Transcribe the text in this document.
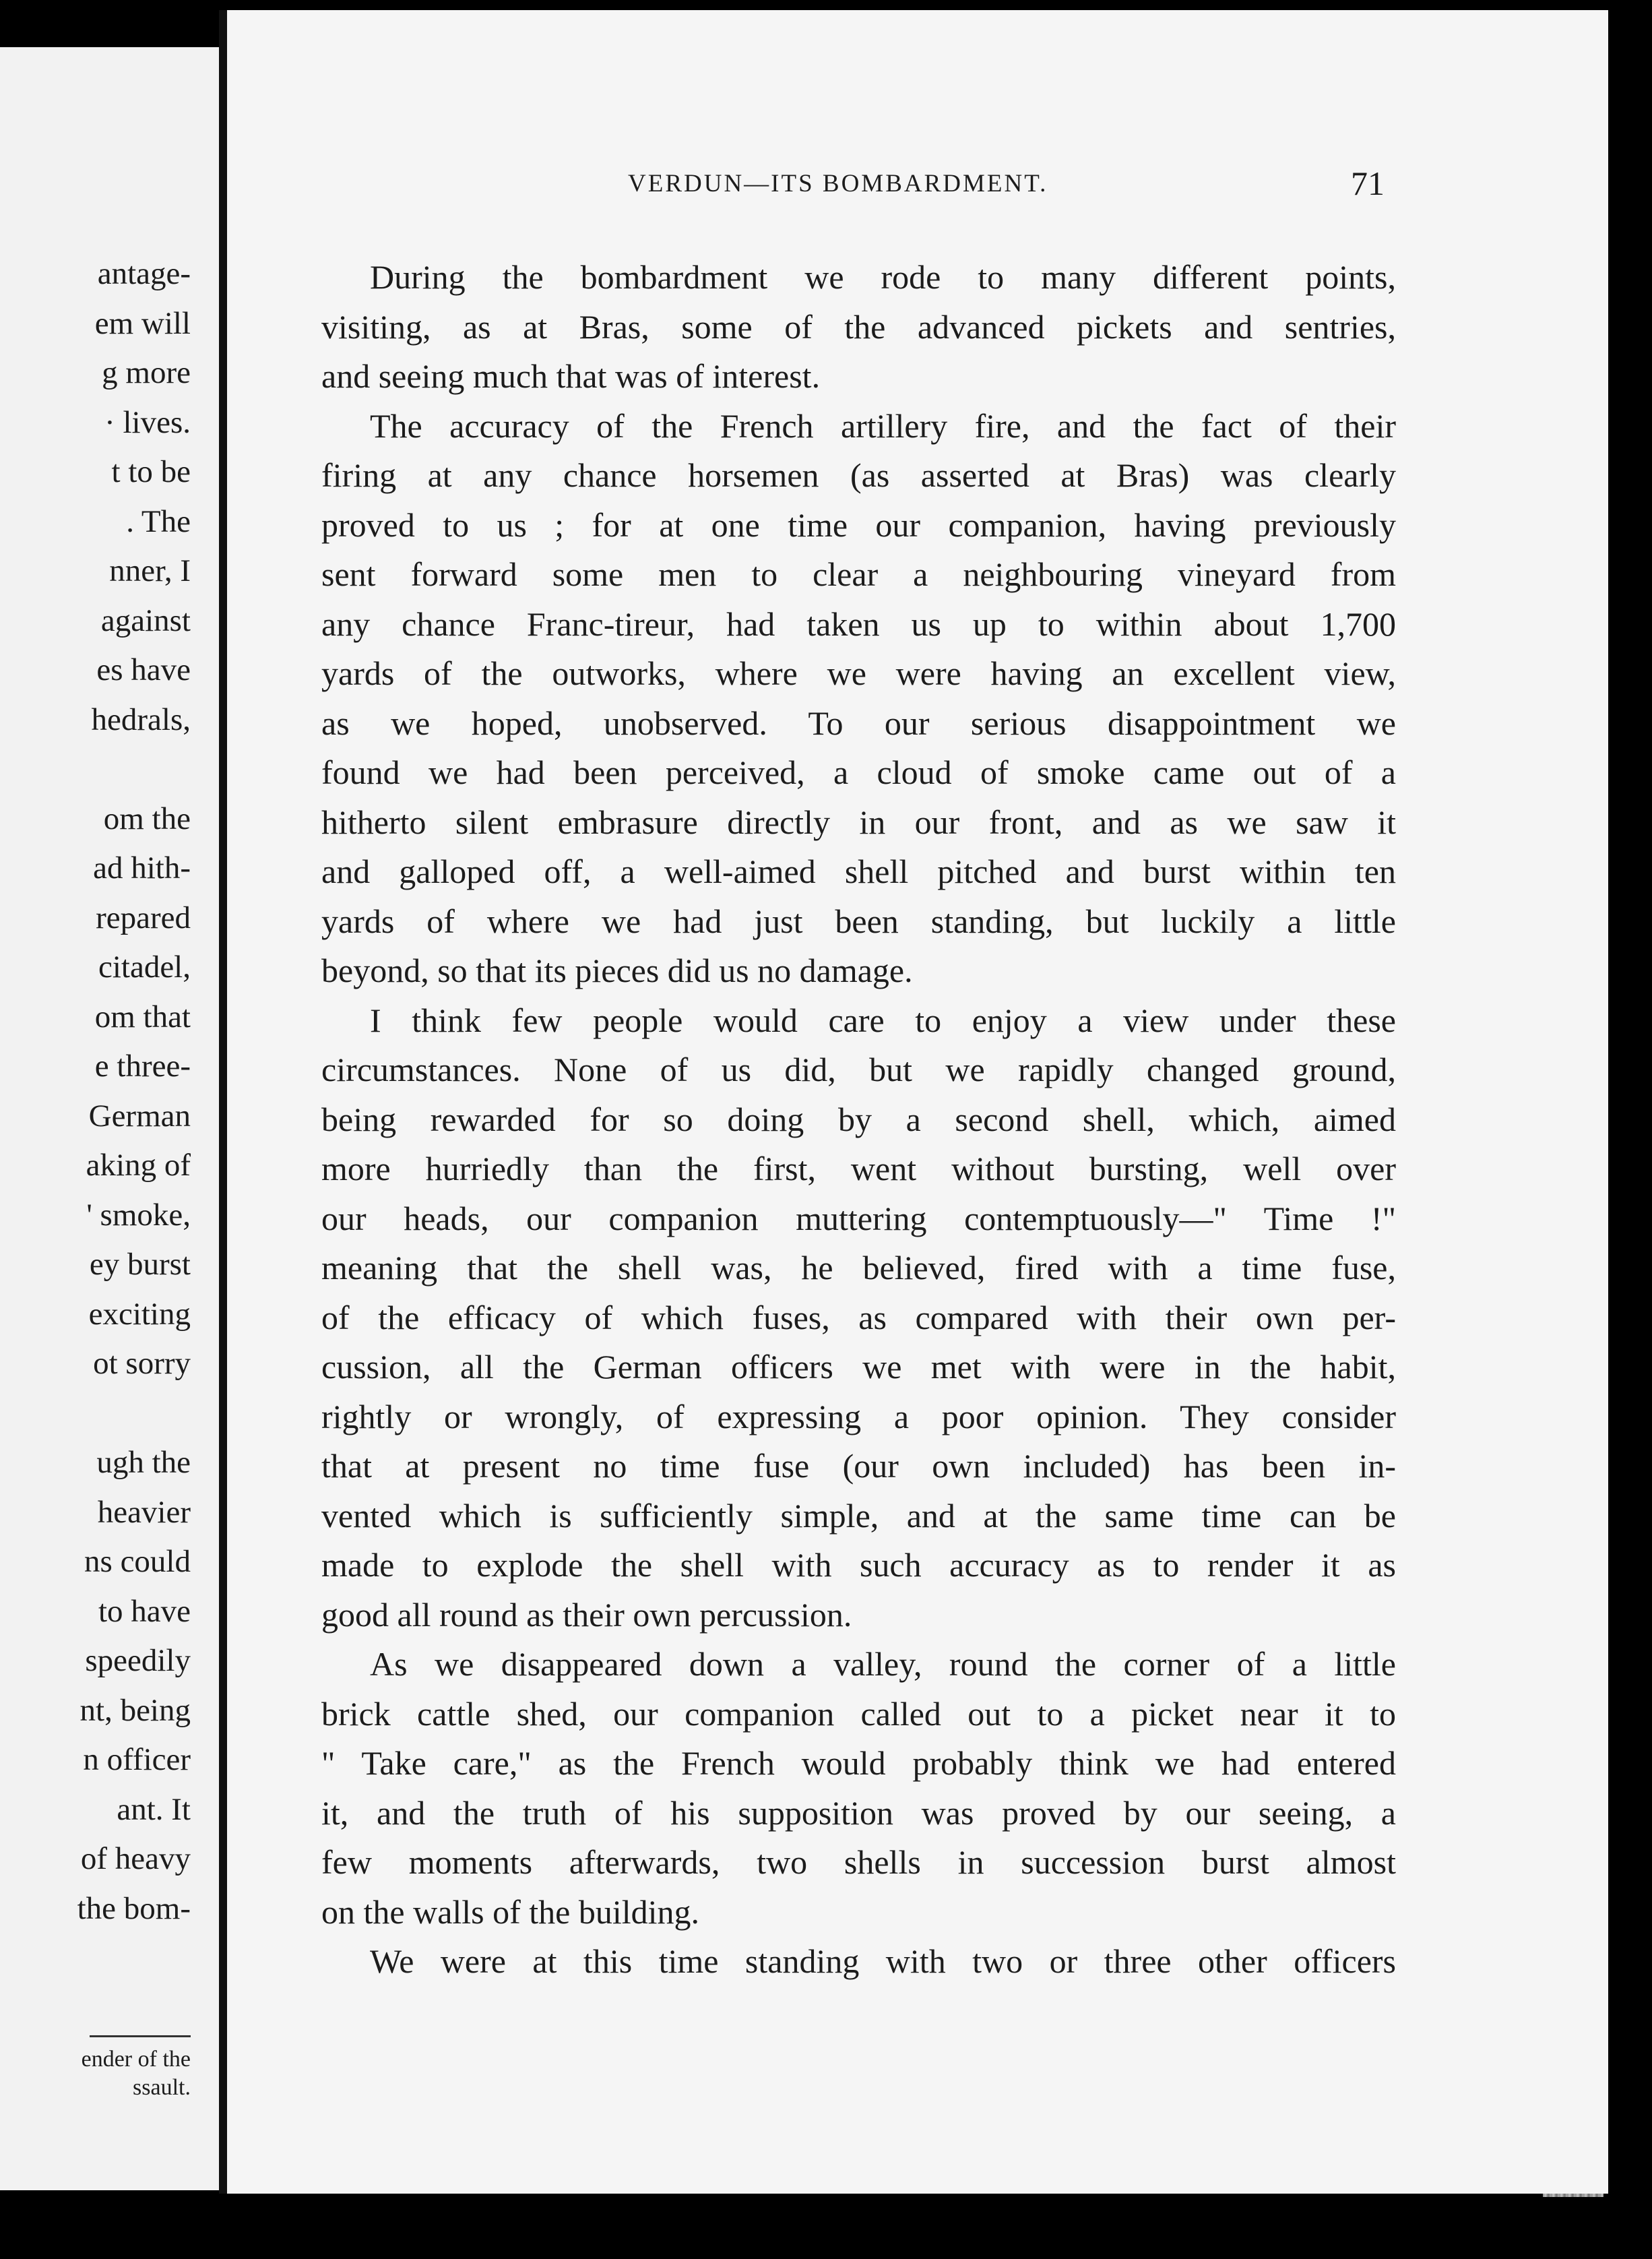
antage-
em will
g more
· lives.
t to be
. The
nner, I
against
es have
hedrals,
om the
ad hith-
repared
citadel,
om that
e three-
German
aking of
' smoke,
ey burst
exciting
ot sorry
ugh the
heavier
ns could
to have
speedily
nt, being
n officer
ant. It
of heavy
the bom-
ender of the
ssault.
VERDUN—ITS BOMBARDMENT.	71
During the bombardment we rode to many different points,
visiting, as at Bras, some of the advanced pickets and sentries,
and seeing much that was of interest.
The accuracy of the French artillery fire, and the fact of their
firing at any chance horsemen (as asserted at Bras) was clearly
proved to us ; for at one time our companion, having previously
sent forward some men to clear a neighbouring vineyard from
any chance Franc-tireur, had taken us up to within about 1,700
yards of the outworks, where we were having an excellent view,
as we hoped, unobserved. To our serious disappointment we
found we had been perceived, a cloud of smoke came out of a
hitherto silent embrasure directly in our front, and as we saw it
and galloped off, a well-aimed shell pitched and burst within ten
yards of where we had just been standing, but luckily a little
beyond, so that its pieces did us no damage.
I think few people would care to enjoy a view under these
circumstances. None of us did, but we rapidly changed ground,
being rewarded for so doing by a second shell, which, aimed
more hurriedly than the first, went without bursting, well over
our heads, our companion muttering contemptuously—" Time !"
meaning that the shell was, he believed, fired with a time fuse,
of the efficacy of which fuses, as compared with their own per-
cussion, all the German officers we met with were in the habit,
rightly or wrongly, of expressing a poor opinion. They consider
that at present no time fuse (our own included) has been in-
vented which is sufficiently simple, and at the same time can be
made to explode the shell with such accuracy as to render it as
good all round as their own percussion.
As we disappeared down a valley, round the corner of a little
brick cattle shed, our companion called out to a picket near it to
" Take care," as the French would probably think we had entered
it, and the truth of his supposition was proved by our seeing, a
few moments afterwards, two shells in succession burst almost
on the walls of the building.
We were at this time standing with two or three other officers
